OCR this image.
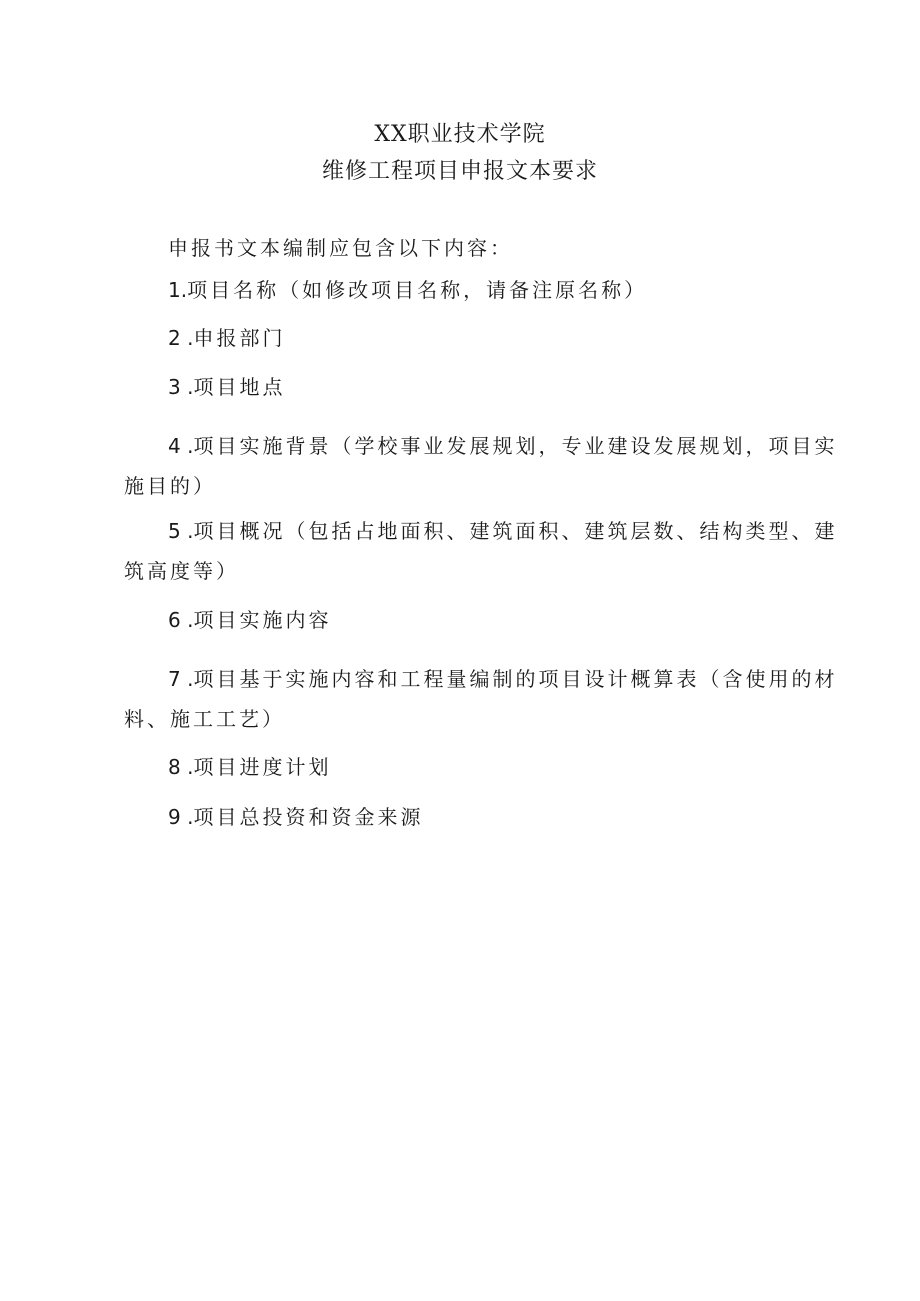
XX职业技术学院
维修工程项目申报文本要求
申报书文本编制应包含以下内容：
1.项目名称（如修改项目名称，请备注原名称）
2 .申报部门
3 .项目地点
4 .项目实施背景（学校事业发展规划，专业建设发展规划，项目实施目的）
5 .项目概况（包括占地面积、建筑面积、建筑层数、结构类型、建筑高度等）
6 .项目实施内容
7 .项目基于实施内容和工程量编制的项目设计概算表（含使用的材料、施工工艺）
8 .项目进度计划
9 .项目总投资和资金来源
